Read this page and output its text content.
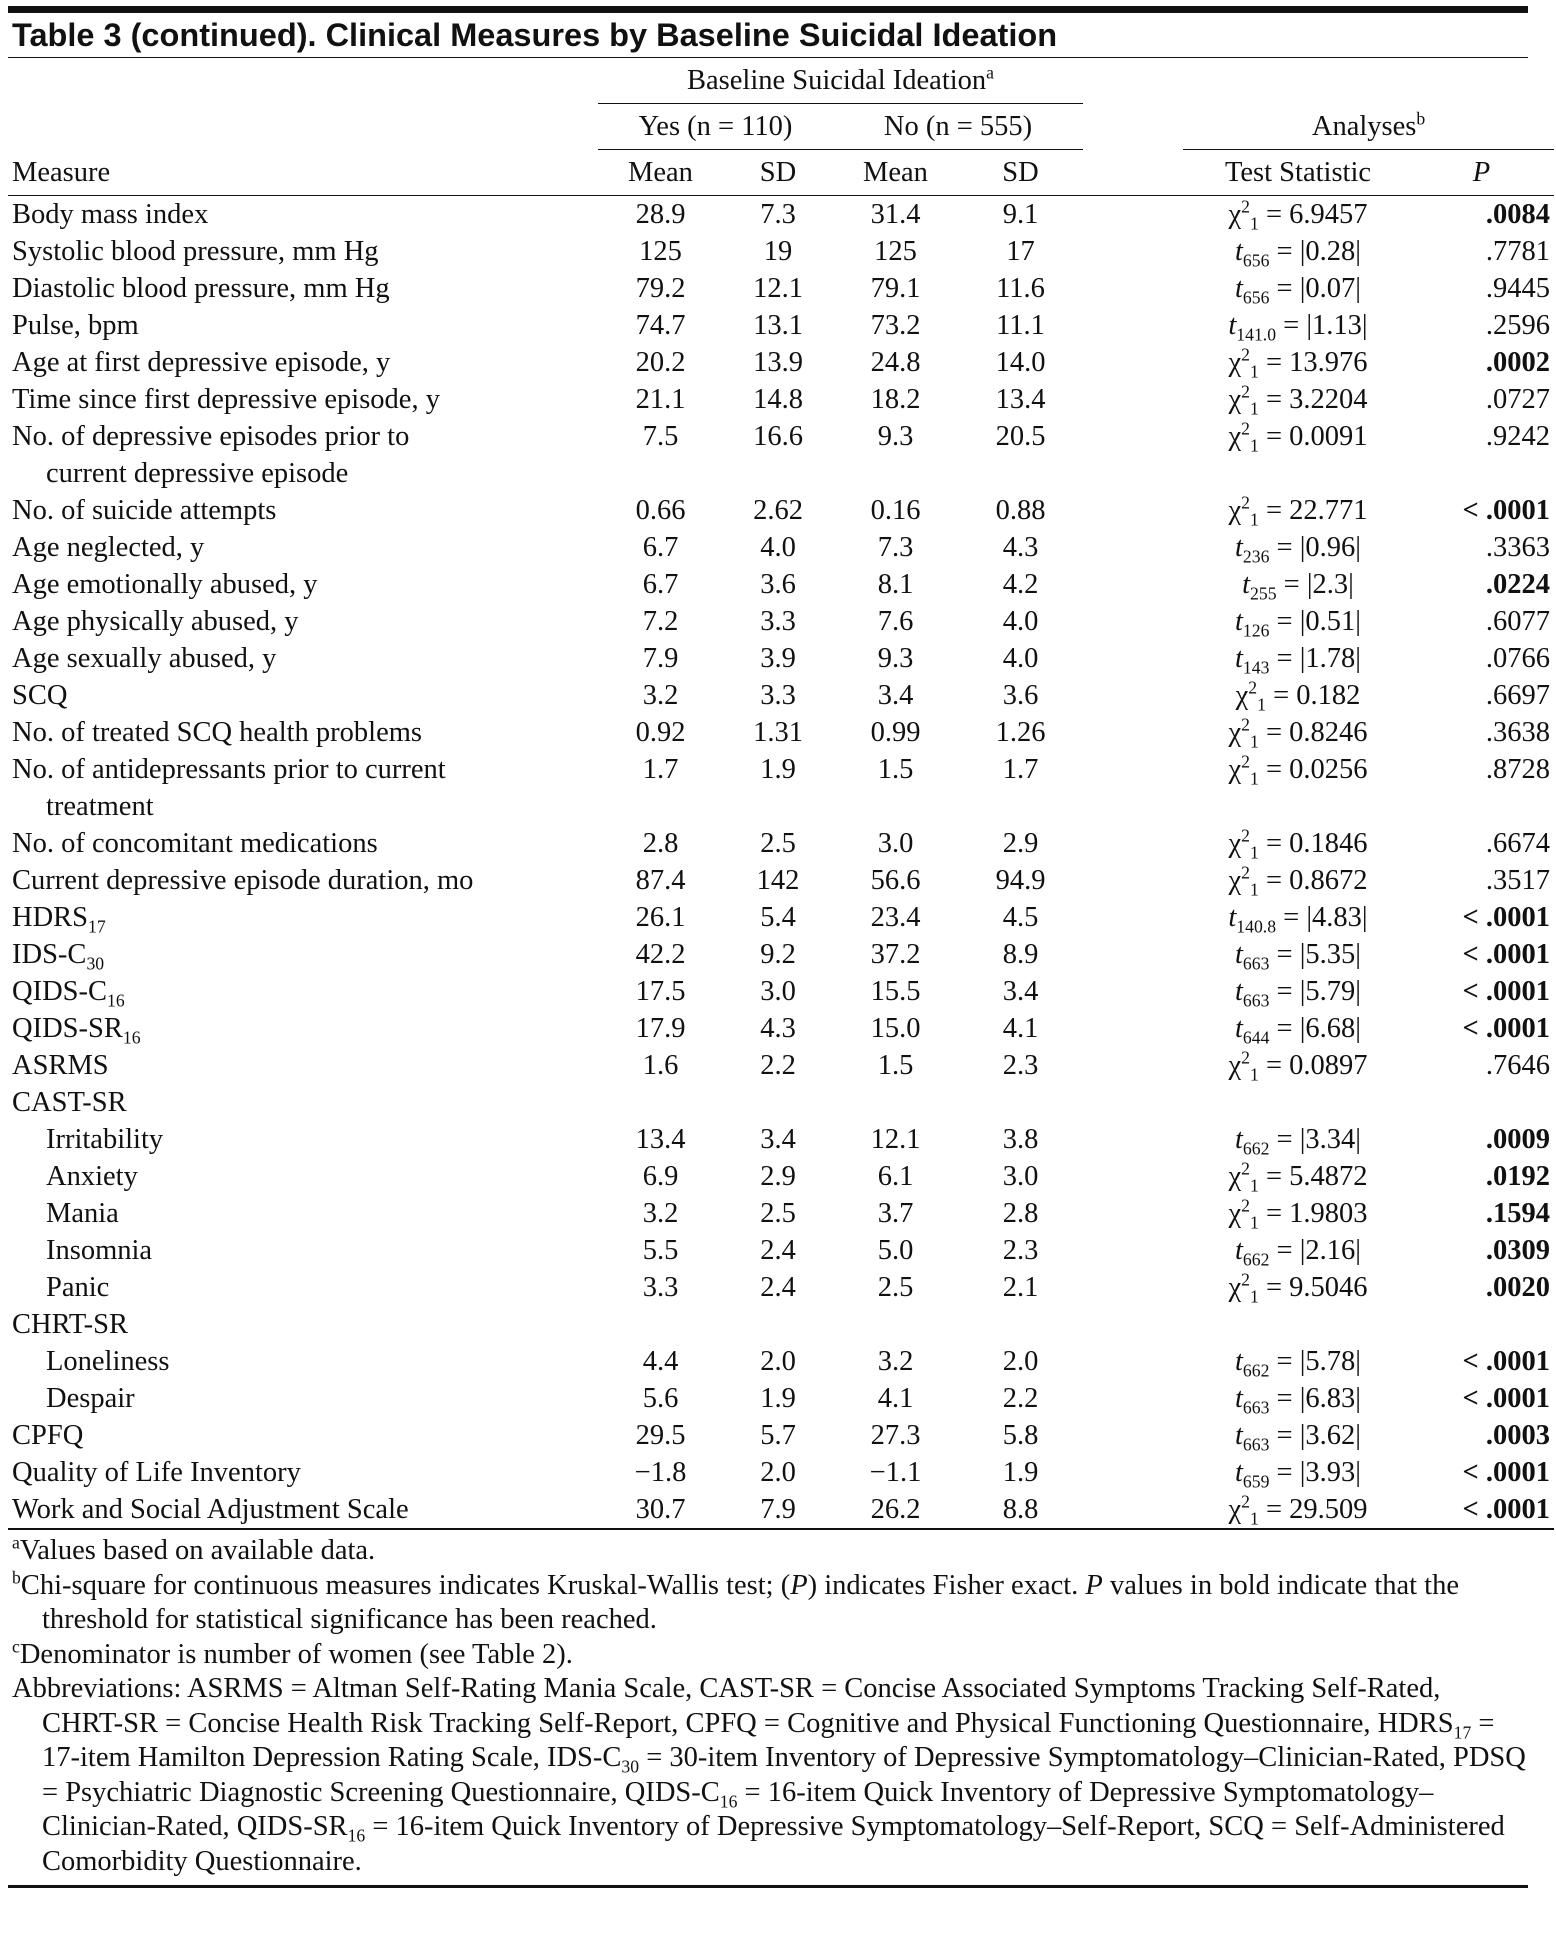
Table 3 (continued). Clinical Measures by Baseline Suicidal Ideation
	Baseline Suicidal Ideation$^a$			
	Yes (n = 110)		No (n = 555)			Analyses$^b$
Measure	Mean	SD	Mean	SD		Test Statistic	P
Body mass index	28.9	7.3	31.4	9.1		$\chi^2_1 = 6.9457$	.0084
Systolic blood pressure, mm Hg	125	19	125	17		$t_{656} = |0.28|$	.7781
Diastolic blood pressure, mm Hg	79.2	12.1	79.1	11.6		$t_{656} = |0.07|$	.9445
Pulse, bpm	74.7	13.1	73.2	11.1		$t_{141.0} = |1.13|$	.2596
Age at first depressive episode, y	20.2	13.9	24.8	14.0		$\chi^2_1 = 13.976$	.0002
Time since first depressive episode, y	21.1	14.8	18.2	13.4		$\chi^2_1 = 3.2204$	.0727
No. of depressive episodes prior to	7.5	16.6	9.3	20.5		$\chi^2_1 = 0.0091$	.9242
current depressive episode							
No. of suicide attempts	0.66	2.62	0.16	0.88		$\chi^2_1 = 22.771$	< .0001
Age neglected, y	6.7	4.0	7.3	4.3		$t_{236} = |0.96|$	.3363
Age emotionally abused, y	6.7	3.6	8.1	4.2		$t_{255} = |2.3|$	.0224
Age physically abused, y	7.2	3.3	7.6	4.0		$t_{126} = |0.51|$	.6077
Age sexually abused, y	7.9	3.9	9.3	4.0		$t_{143} = |1.78|$	.0766
SCQ	3.2	3.3	3.4	3.6		$\chi^2_1 = 0.182$	.6697
No. of treated SCQ health problems	0.92	1.31	0.99	1.26		$\chi^2_1 = 0.8246$	.3638
No. of antidepressants prior to current	1.7	1.9	1.5	1.7		$\chi^2_1 = 0.0256$	.8728
treatment							
No. of concomitant medications	2.8	2.5	3.0	2.9		$\chi^2_1 = 0.1846$	.6674
Current depressive episode duration, mo	87.4	142	56.6	94.9		$\chi^2_1 = 0.8672$	.3517
$HDRS_{17}$	26.1	5.4	23.4	4.5		$t_{140.8} = |4.83|$	< .0001
IDS-$C_{30}$	42.2	9.2	37.2	8.9		$t_{663} = |5.35|$	< .0001
QIDS-$C_{16}$	17.5	3.0	15.5	3.4		$t_{663} = |5.79|$	< .0001
QIDS-$SR_{16}$	17.9	4.3	15.0	4.1		$t_{644} = |6.68|$	< .0001
ASRMS	1.6	2.2	1.5	2.3		$\chi^2_1 = 0.0897$	.7646
CAST-SR							
Irritability	13.4	3.4	12.1	3.8		$t_{662} = |3.34|$	.0009
Anxiety	6.9	2.9	6.1	3.0		$\chi^2_1 = 5.4872$	.0192
Mania	3.2	2.5	3.7	2.8		$\chi^2_1 = 1.9803$	.1594
Insomnia	5.5	2.4	5.0	2.3		$t_{662} = |2.16|$	.0309
Panic	3.3	2.4	2.5	2.1		$\chi^2_1 = 9.5046$	.0020
CHRT-SR							
Loneliness	4.4	2.0	3.2	2.0		$t_{662} = |5.78|$	< .0001
Despair	5.6	1.9	4.1	2.2		$t_{663} = |6.83|$	< .0001
CPFQ	29.5	5.7	27.3	5.8		$t_{663} = |3.62|$	.0003
Quality of Life Inventory	−1.8	2.0	−1.1	1.9		$t_{659} = |3.93|$	< .0001
Work and Social Adjustment Scale	30.7	7.9	26.2	8.8		$\chi^2_1 = 29.509$	< .0001
$^a$Values based on available data.
$^b$Chi-square for continuous measures indicates Kruskal-Wallis test; (P) indicates Fisher exact. P values in bold indicate that the threshold for statistical significance has been reached.
$^c$Denominator is number of women (see Table 2).
Abbreviations: ASRMS = Altman Self-Rating Mania Scale, CAST-SR = Concise Associated Symptoms Tracking Self-Rated, CHRT-SR = Concise Health Risk Tracking Self-Report, CPFQ = Cognitive and Physical Functioning Questionnaire, $HDRS_{17}$ = 17-item Hamilton Depression Rating Scale, IDS-$C_{30}$ = 30-item Inventory of Depressive Symptomatology–Clinician-Rated, PDSQ = Psychiatric Diagnostic Screening Questionnaire, QIDS-$C_{16}$ = 16-item Quick Inventory of Depressive Symptomatology–Clinician-Rated, QIDS-$SR_{16}$ = 16-item Quick Inventory of Depressive Symptomatology–Self-Report, SCQ = Self-Administered Comorbidity Questionnaire.
